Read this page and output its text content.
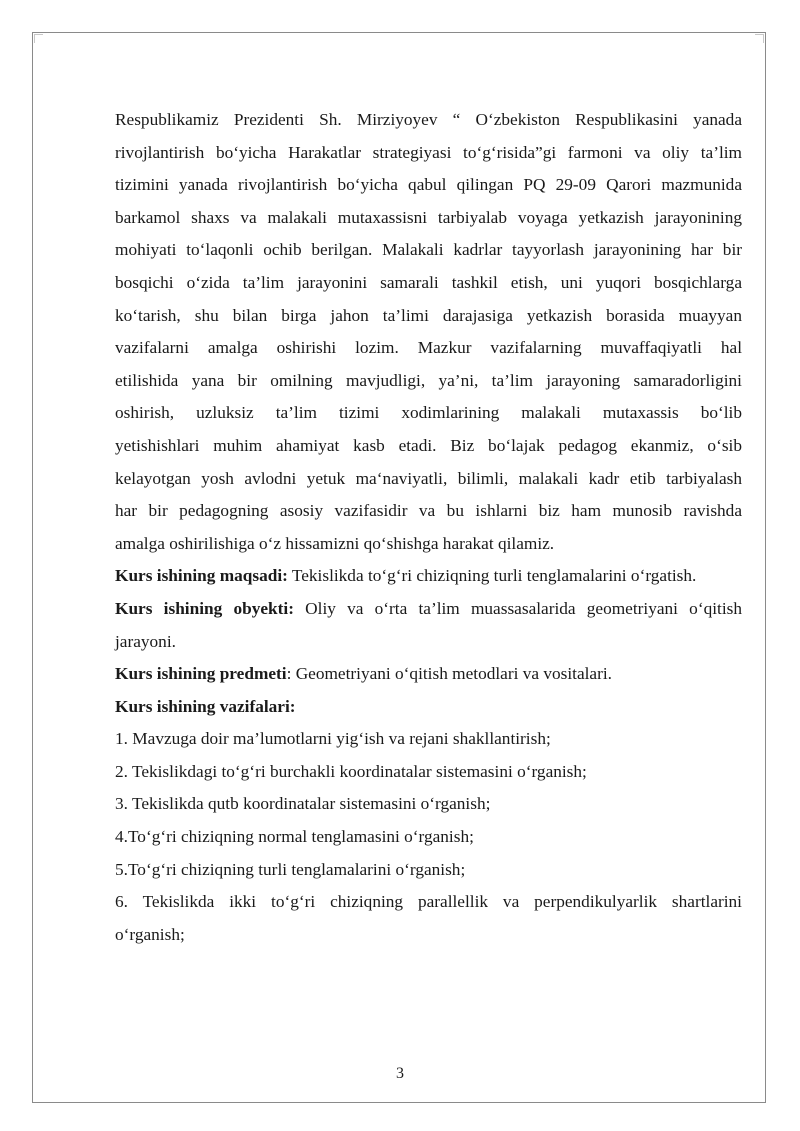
Respublikamiz Prezidenti Sh. Mirziyoyev “ O‘zbekiston Respublikasini yanada
rivojlantirish bo‘yicha Harakatlar strategiyasi to‘g‘risida”gi farmoni va oliy ta’lim
tizimini yanada rivojlantirish bo‘yicha qabul qilingan PQ 29-09 Qarori mazmunida
barkamol shaxs va malakali mutaxassisni tarbiyalab voyaga yetkazish jarayonining
mohiyati to‘laqonli ochib berilgan. Malakali kadrlar tayyorlash jarayonining har bir
bosqichi o‘zida ta’lim jarayonini samarali tashkil etish, uni yuqori bosqichlarga
ko‘tarish, shu bilan birga jahon ta’limi darajasiga yetkazish borasida muayyan
vazifalarni amalga oshirishi lozim. Mazkur vazifalarning muvaffaqiyatli hal
etilishida yana bir omilning mavjudligi, ya’ni, ta’lim jarayoning samaradorligini
oshirish, uzluksiz ta’lim tizimi xodimlarining malakali mutaxassis bo‘lib
yetishishlari muhim ahamiyat kasb etadi. Biz bo‘lajak pedagog ekanmiz, o‘sib
kelayotgan yosh avlodni yetuk ma‘naviyatli, bilimli, malakali kadr etib tarbiyalash
har bir pedagogning asosiy vazifasidir va bu ishlarni biz ham munosib ravishda
amalga oshirilishiga o‘z hissamizni qo‘shishga harakat qilamiz.
Kurs ishining maqsadi: Tekislikda to‘g‘ri chiziqning turli tenglamalarini o‘rgatish.
Kurs ishining obyekti: Oliy va o‘rta ta’lim muassasalarida geometriyani o‘qitish
jarayoni.
Kurs ishining predmeti: Geometriyani o‘qitish metodlari va vositalari.
Kurs ishining vazifalari:
1. Mavzuga doir ma’lumotlarni yig‘ish va rejani shakllantirish;
2. Tekislikdagi to‘g‘ri burchakli koordinatalar sistemasini o‘rganish;
3. Tekislikda qutb koordinatalar sistemasini o‘rganish;
4.To‘g‘ri chiziqning normal tenglamasini o‘rganish;
5.To‘g‘ri chiziqning turli tenglamalarini o‘rganish;
6. Tekislikda ikki to‘g‘ri chiziqning parallellik va perpendikulyarlik shartlarini
o‘rganish;
3
